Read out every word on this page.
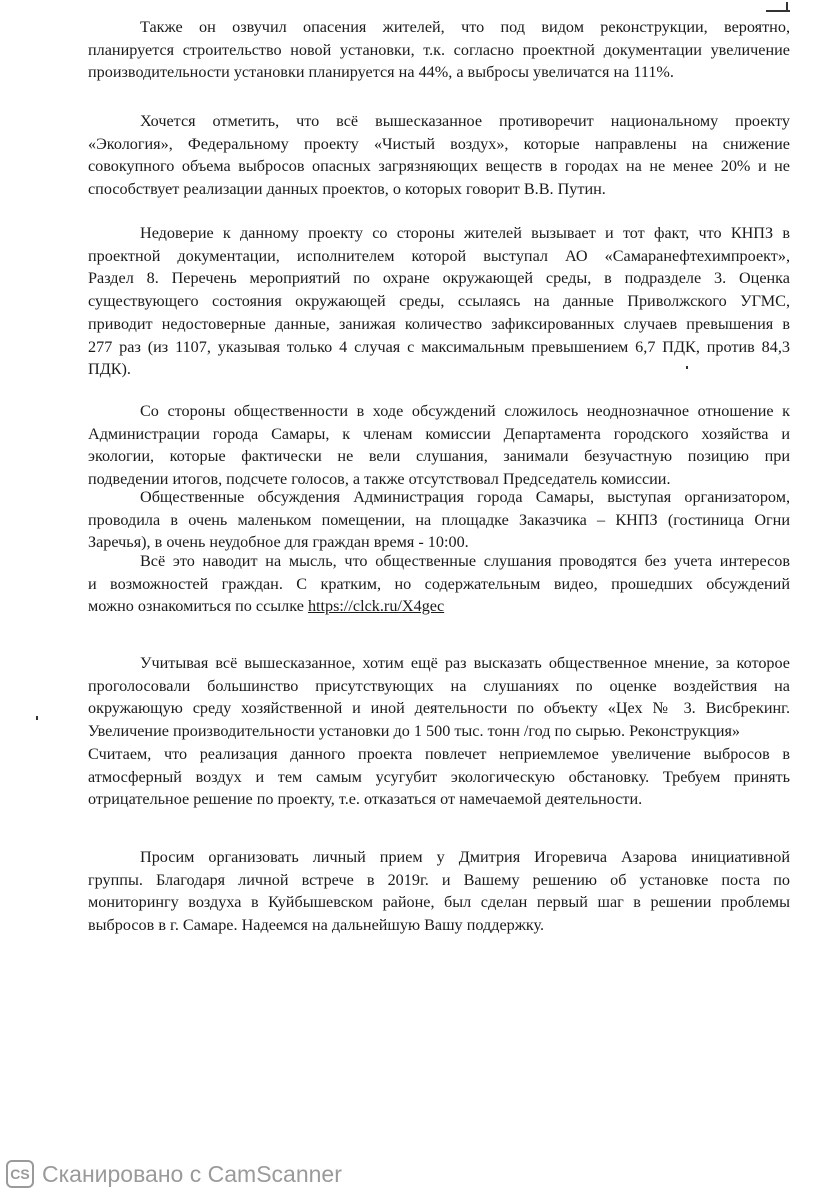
Также он озвучил опасения жителей, что под видом реконструкции, вероятно,
планируется строительство новой установки, т.к. согласно проектной документации увеличение
производительности установки планируется на 44%, а выбросы увеличатся на 111%.

Хочется отметить, что всё вышесказанное противоречит национальному проекту
«Экология», Федеральному проекту «Чистый воздух», которые направлены на снижение
совокупного объема выбросов опасных загрязняющих веществ в городах на не менее 20% и не
способствует реализации данных проектов, о которых говорит В.В. Путин.

Недоверие к данному проекту со стороны жителей вызывает и тот факт, что КНПЗ в
проектной документации, исполнителем которой выступал АО «Самаранефтехимпроект»,
Раздел 8. Перечень мероприятий по охране окружающей среды, в подразделе 3. Оценка
существующего состояния окружающей среды, ссылаясь на данные Приволжского УГМС,
приводит недостоверные данные, занижая количество зафиксированных случаев превышения в
277 раз (из 1107, указывая только 4 случая с максимальным превышением 6,7 ПДК, против 84,3
ПДК).

Со стороны общественности в ходе обсуждений сложилось неоднозначное отношение к
Администрации города Самары, к членам комиссии Департамента городского хозяйства и
экологии, которые фактически не вели слушания, занимали безучастную позицию при
подведении итогов, подсчете голосов, а также отсутствовал Председатель комиссии.

Общественные обсуждения Администрация города Самары, выступая организатором,
проводила в очень маленьком помещении, на площадке Заказчика – КНПЗ (гостиница Огни
Заречья), в очень неудобное для граждан время - 10:00.

Всё это наводит на мысль, что общественные слушания проводятся без учета интересов
и возможностей граждан. С кратким, но содержательным видео, прошедших обсуждений
можно ознакомиться по ссылке https://clck.ru/X4gec

Учитывая всё вышесказанное, хотим ещё раз высказать общественное мнение, за которое
проголосовали большинство присутствующих на слушаниях по оценке воздействия на
окружающую среду хозяйственной и иной деятельности по объекту «Цех № 3. Висбрекинг.
Увеличение производительности установки до 1 500 тыс. тонн /год по сырью. Реконструкция»
Считаем, что реализация данного проекта повлечет неприемлемое увеличение выбросов в
атмосферный воздух и тем самым усугубит экологическую обстановку. Требуем принять
отрицательное решение по проекту, т.е. отказаться от намечаемой деятельности.

Просим организовать личный прием у Дмитрия Игоревича Азарова инициативной
группы. Благодаря личной встрече в 2019г. и Вашему решению об установке поста по
мониторингу воздуха в Куйбышевском районе, был сделан первый шаг в решении проблемы
выбросов в г. Самаре. Надеемся на дальнейшую Вашу поддержку.

CS Сканировано с CamScanner
